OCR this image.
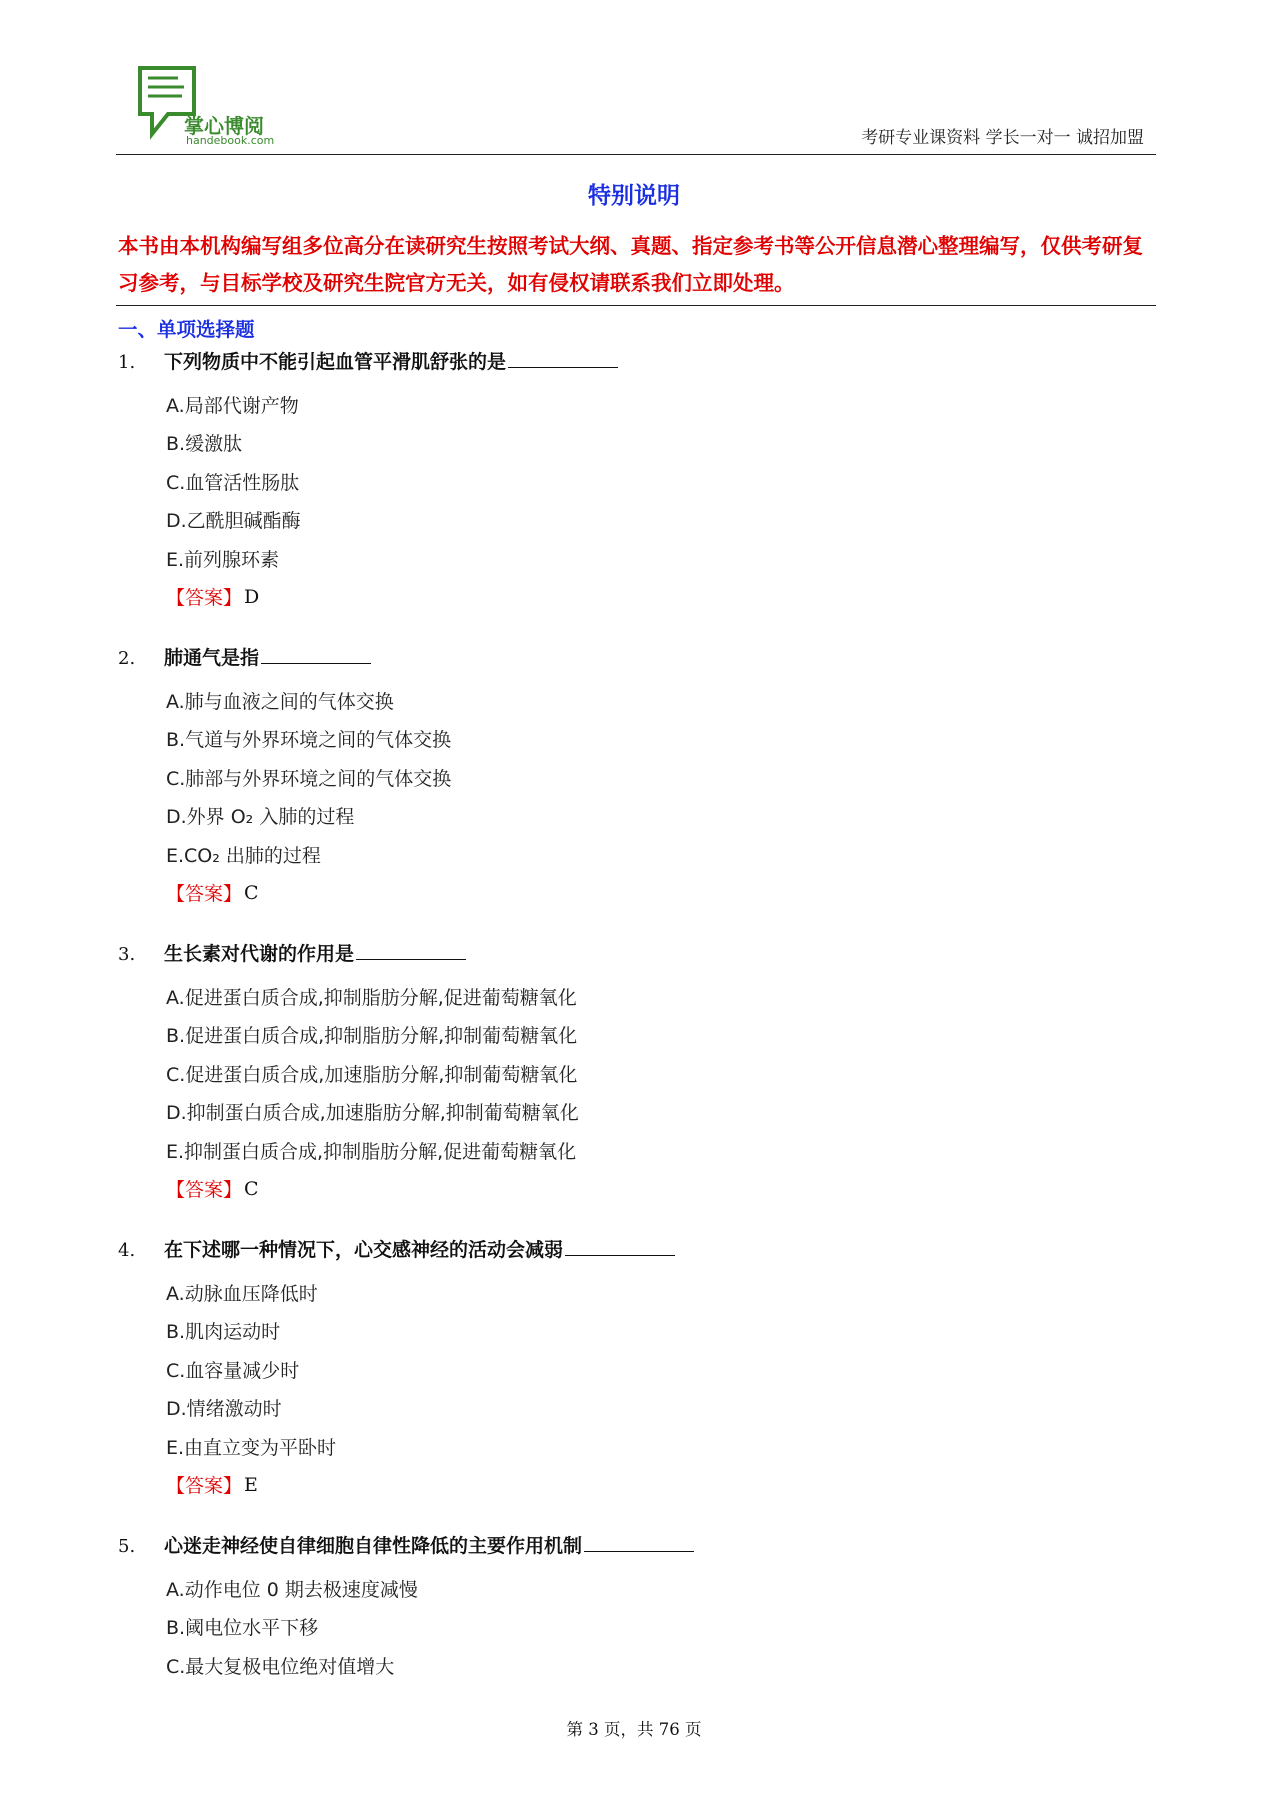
掌心博阅
handebook.com	考研专业课资料 学长一对一 诚招加盟
特别说明
本书由本机构编写组多位高分在读研究生按照考试大纲、真题、指定参考书等公开信息潜心整理编写，仅供考研复习参考，与目标学校及研究生院官方无关，如有侵权请联系我们立即处理。
一、单项选择题
1.	下列物质中不能引起血管平滑肌舒张的是
A.局部代谢产物
B.缓激肽
C.血管活性肠肽
D.乙酰胆碱酯酶
E.前列腺环素
【答案】 D
2.	肺通气是指
A.肺与血液之间的气体交换
B.气道与外界环境之间的气体交换
C.肺部与外界环境之间的气体交换
D.外界 O₂ 入肺的过程
E.CO₂ 出肺的过程
【答案】 C
3.	生长素对代谢的作用是
A.促进蛋白质合成,抑制脂肪分解,促进葡萄糖氧化
B.促进蛋白质合成,抑制脂肪分解,抑制葡萄糖氧化
C.促进蛋白质合成,加速脂肪分解,抑制葡萄糖氧化
D.抑制蛋白质合成,加速脂肪分解,抑制葡萄糖氧化
E.抑制蛋白质合成,抑制脂肪分解,促进葡萄糖氧化
【答案】 C
4.	在下述哪一种情况下，心交感神经的活动会减弱
A.动脉血压降低时
B.肌肉运动时
C.血容量减少时
D.情绪激动时
E.由直立变为平卧时
【答案】 E
5.	心迷走神经使自律细胞自律性降低的主要作用机制
A.动作电位 0 期去极速度减慢
B.阈电位水平下移
C.最大复极电位绝对值增大
第 3 页，共 76 页
